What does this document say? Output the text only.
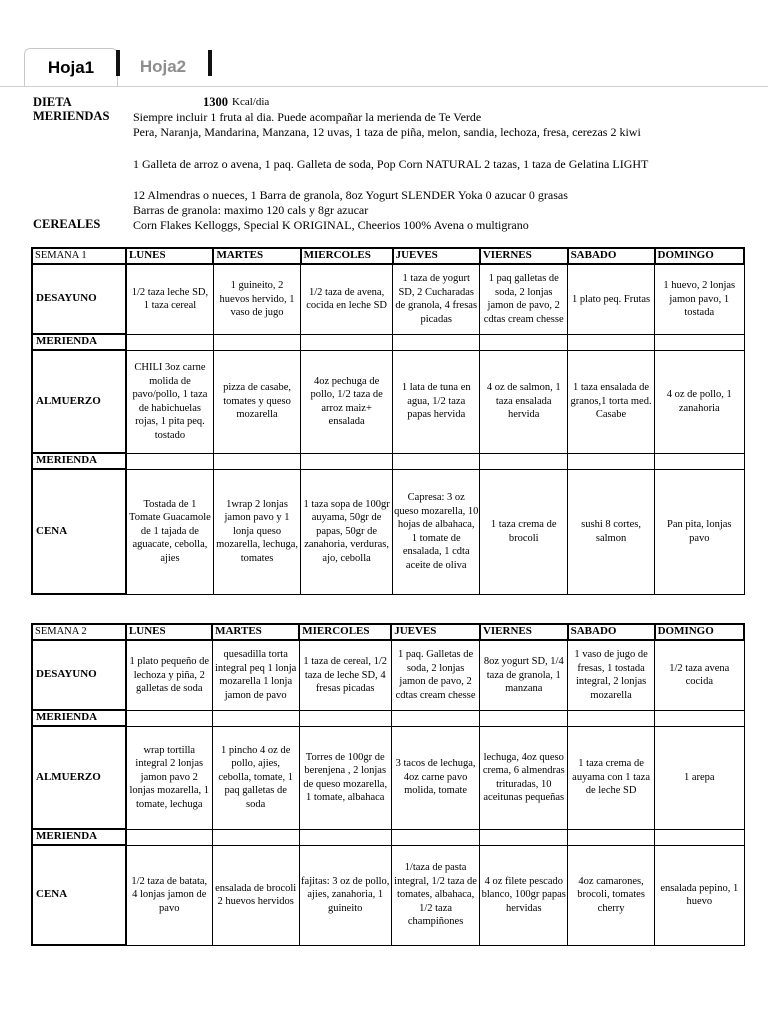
Hoja1	Hoja2
DIETA	1300 Kcal/dia
MERIENDAS Siempre incluir 1 fruta al dia. Puede acompañar la merienda de Te Verde
Pera, Naranja, Mandarina, Manzana, 12 uvas, 1 taza de piña, melon, sandia, lechoza, fresa, cerezas 2 kiwi
1 Galleta de arroz o avena, 1 paq. Galleta de soda, Pop Corn NATURAL 2 tazas, 1 taza de Gelatina LIGHT
12 Almendras o nueces, 1 Barra de granola, 8oz Yogurt SLENDER Yoka 0 azucar 0 grasas
Barras de granola: maximo 120 cals y 8gr azucar
CEREALES	Corn Flakes Kelloggs, Special K ORIGINAL, Cheerios 100% Avena o multigrano
SEMANA 1	LUNES	MARTES	MIERCOLES	JUEVES	VIERNES	SABADO	DOMINGO
DESAYUNO	1/2 taza leche SD, 1 taza cereal	1 guineito, 2 huevos hervido, 1 vaso de jugo	1/2 taza de avena, cocida en leche SD	1 taza de yogurt SD, 2 Cucharadas de granola, 4 fresas picadas	1 paq galletas de soda, 2 lonjas jamon de pavo, 2 cdtas cream chesse	1 plato peq. Frutas	1 huevo, 2 lonjas jamon pavo, 1 tostada
MERIENDA							
ALMUERZO	CHILI 3oz carne molida de pavo/pollo, 1 taza de habichuelas rojas, 1 pita peq. tostado	pizza de casabe, tomates y queso mozarella	4oz pechuga de pollo, 1/2 taza de arroz maiz+ ensalada	1 lata de tuna en agua, 1/2 taza papas hervida	4 oz de salmon, 1 taza ensalada hervida	1 taza ensalada de granos,1 torta med. Casabe	4 oz de pollo, 1 zanahoria
MERIENDA							
CENA	Tostada de 1 Tomate Guacamole de 1 tajada de aguacate, cebolla, ajies	1wrap 2 lonjas jamon pavo y 1 lonja queso mozarella, lechuga, tomates	1 taza sopa de 100gr auyama, 50gr de papas, 50gr de zanahoria, verduras, ajo, cebolla	Capresa: 3 oz queso mozarella, 10 hojas de albahaca, 1 tomate de ensalada, 1 cdta aceite de oliva	1 taza crema de brocoli	sushi 8 cortes, salmon	Pan pita, lonjas pavo
SEMANA 2	LUNES	MARTES	MIERCOLES	JUEVES	VIERNES	SABADO	DOMINGO
DESAYUNO	1 plato pequeño de lechoza y piña, 2 galletas de soda	quesadilla torta integral peq 1 lonja mozarella 1 lonja jamon de pavo	1 taza de cereal, 1/2 taza de leche SD, 4 fresas picadas	1 paq. Galletas de soda, 2 lonjas jamon de pavo, 2 cdtas cream chesse	8oz yogurt SD, 1/4 taza de granola, 1 manzana	1 vaso de jugo de fresas, 1 tostada integral, 2 lonjas mozarella	1/2 taza avena cocida
MERIENDA							
ALMUERZO	wrap tortilla integral 2 lonjas jamon pavo 2 lonjas mozarella, 1 tomate, lechuga	1 pincho 4 oz de pollo, ajies, cebolla, tomate, 1 paq galletas de soda	Torres de 100gr de berenjena , 2 lonjas de queso mozarella, 1 tomate, albahaca	3 tacos de lechuga, 4oz carne pavo molida, tomate	lechuga, 4oz queso crema, 6 almendras trituradas, 10 aceitunas pequeñas	1 taza crema de auyama con 1 taza de leche SD	1 arepa
MERIENDA							
CENA	1/2 taza de batata, 4 lonjas jamon de pavo	ensalada de brocoli 2 huevos hervidos	fajitas: 3 oz de pollo, ajies, zanahoria, 1 guineito	1/taza de pasta integral, 1/2 taza de tomates, albahaca, 1/2 taza champiñones	4 oz filete pescado blanco, 100gr papas hervidas	4oz camarones, brocoli, tomates cherry	ensalada pepino, 1 huevo
